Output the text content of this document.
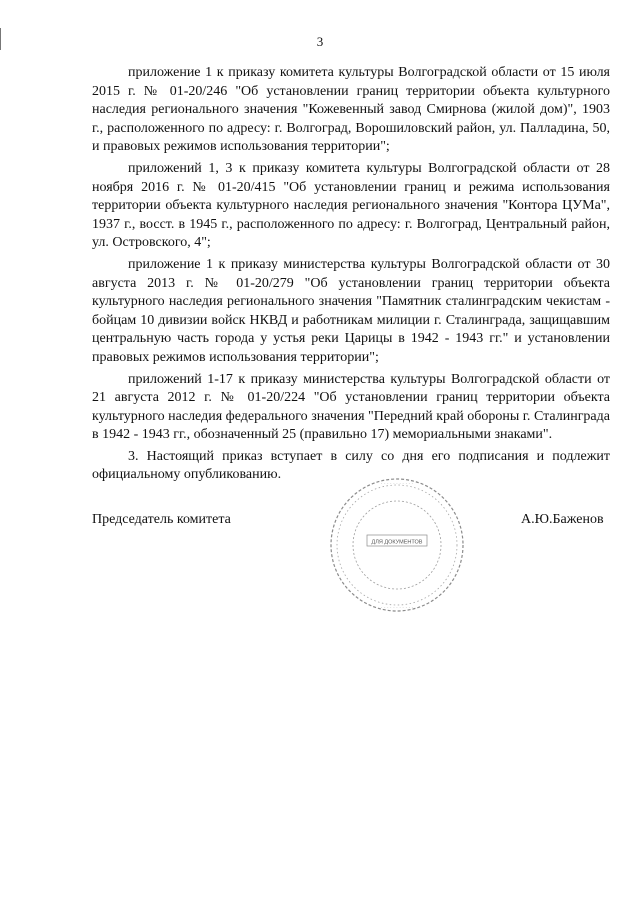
3

приложение 1 к приказу комитета культуры Волгоградской области от 15 июля 2015 г. № 01-20/246 "Об установлении границ территории объекта культурного наследия регионального значения "Кожевенный завод Смирнова (жилой дом)", 1903 г., расположенного по адресу: г. Волгоград, Ворошиловский район, ул. Палладина, 50, и правовых режимов использования территории";

приложений 1, 3 к приказу комитета культуры Волгоградской области от 28 ноября 2016 г. № 01-20/415 "Об установлении границ и режима использования территории объекта культурного наследия регионального значения "Контора ЦУМа", 1937 г., восст. в 1945 г., расположенного по адресу: г. Волгоград, Центральный район, ул. Островского, 4";

приложение 1 к приказу министерства культуры Волгоградской области от 30 августа 2013 г. № 01-20/279 "Об установлении границ территории объекта культурного наследия регионального значения "Памятник сталинградским чекистам - бойцам 10 дивизии войск НКВД и работникам милиции г. Сталинграда, защищавшим центральную часть города у устья реки Царицы в 1942 - 1943 гг." и установлении правовых режимов использования территории";

приложений 1-17 к приказу министерства культуры Волгоградской области от 21 августа 2012 г. № 01-20/224 "Об установлении границ территории объекта культурного наследия федерального значения "Передний край обороны г. Сталинграда в 1942 - 1943 гг., обозначенный 25 (правильно 17) мемориальными знаками".

3. Настоящий приказ вступает в силу со дня его подписания и подлежит официальному опубликованию.

Председатель комитета
· · · · · · · · · · ·
· · · · · · · · · · ·
ДЛЯ ДОКУМЕНТОВ
А.Ю.Баженов
